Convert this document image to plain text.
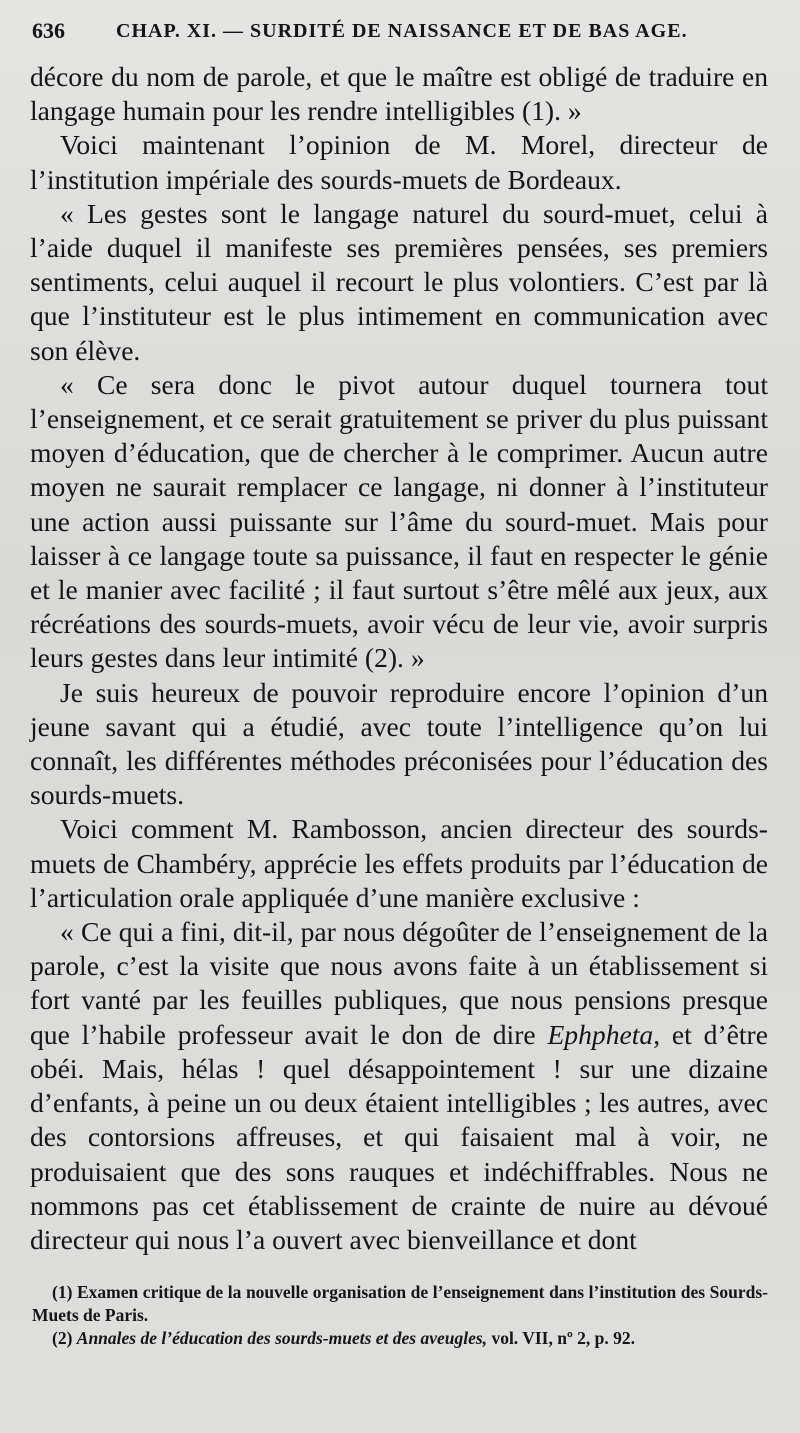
636	CHAP. XI. — SURDITÉ DE NAISSANCE ET DE BAS AGE.

décore du nom de parole, et que le maître est obligé de traduire en langage humain pour les rendre intelligibles (1). »

Voici maintenant l’opinion de M. Morel, directeur de l’institution impériale des sourds-muets de Bordeaux.

« Les gestes sont le langage naturel du sourd-muet, celui à l’aide duquel il manifeste ses premières pensées, ses premiers sentiments, celui auquel il recourt le plus volontiers. C’est par là que l’instituteur est le plus intimement en communication avec son élève.

« Ce sera donc le pivot autour duquel tournera tout l’enseignement, et ce serait gratuitement se priver du plus puissant moyen d’éducation, que de chercher à le comprimer. Aucun autre moyen ne saurait remplacer ce langage, ni donner à l’instituteur une action aussi puissante sur l’âme du sourd-muet. Mais pour laisser à ce langage toute sa puissance, il faut en respecter le génie et le manier avec facilité ; il faut surtout s’être mêlé aux jeux, aux récréations des sourds-muets, avoir vécu de leur vie, avoir surpris leurs gestes dans leur intimité (2). »

Je suis heureux de pouvoir reproduire encore l’opinion d’un jeune savant qui a étudié, avec toute l’intelligence qu’on lui connaît, les différentes méthodes préconisées pour l’éducation des sourds-muets.

Voici comment M. Rambosson, ancien directeur des sourds-muets de Chambéry, apprécie les effets produits par l’éducation de l’articulation orale appliquée d’une manière exclusive :

« Ce qui a fini, dit-il, par nous dégoûter de l’enseignement de la parole, c’est la visite que nous avons faite à un établissement si fort vanté par les feuilles publiques, que nous pensions presque que l’habile professeur avait le don de dire Ephpheta, et d’être obéi. Mais, hélas ! quel désappointement ! sur une dizaine d’enfants, à peine un ou deux étaient intelligibles ; les autres, avec des contorsions affreuses, et qui faisaient mal à voir, ne produisaient que des sons rauques et indéchiffrables. Nous ne nommons pas cet établissement de crainte de nuire au dévoué directeur qui nous l’a ouvert avec bienveillance et dont

(1) Examen critique de la nouvelle organisation de l’enseignement dans l’institution des Sourds-Muets de Paris.

(2) Annales de l’éducation des sourds-muets et des aveugles, vol. VII, nº 2, p. 92.
